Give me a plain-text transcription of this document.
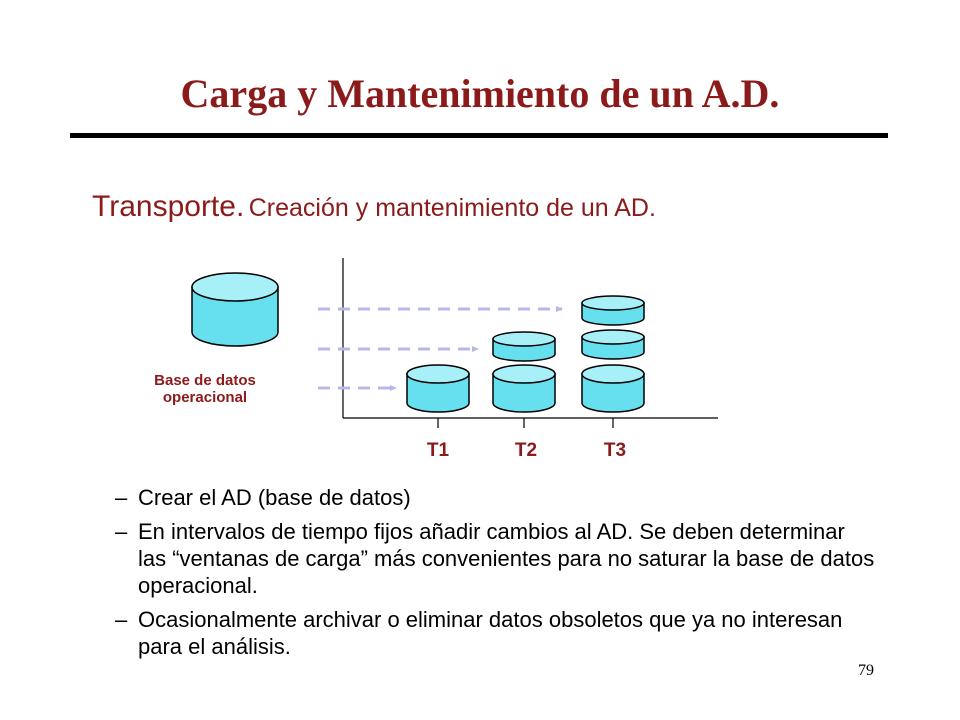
Carga y Mantenimiento de un A.D.
Transporte. Creación y mantenimiento de un AD.
Base de datos
operacional
T1	T2	T3
– Crear el AD (base de datos)
– En intervalos de tiempo fijos añadir cambios al AD. Se deben determinar las “ventanas de carga” más convenientes para no saturar la base de datos operacional.
– Ocasionalmente archivar o eliminar datos obsoletos que ya no interesan para el análisis.
79
